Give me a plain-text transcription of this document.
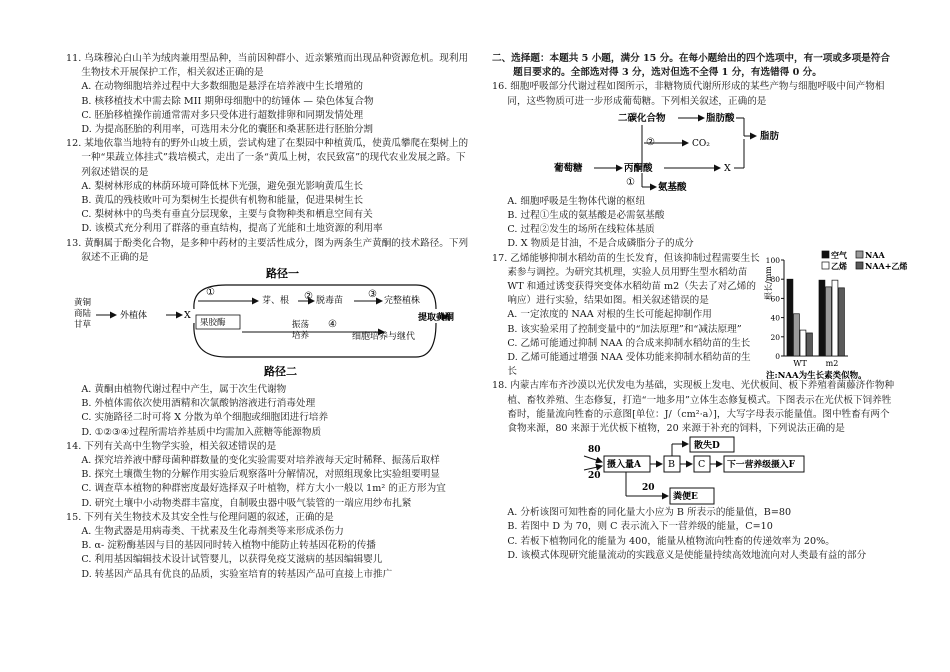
11. 乌珠穆沁白山羊为绒肉兼用型品种，当前因种群小、近亲繁殖而出现品种资源危机。现利用生物技术开展保护工作，相关叙述正确的是

A. 在动物细胞培养过程中大多数细胞是悬浮在培养液中生长增殖的

B. 核移植技术中需去除 MII 期卵母细胞中的纺锤体 — 染色体复合物

C. 胚胎移植操作前通常需对多只受体进行超数排卵和同期发情处理

D. 为提高胚胎的利用率，可选用未分化的囊胚和桑葚胚进行胚胎分割

12. 某地依靠当地特有的野外山坡土质，尝试构建了在梨园中种植黄瓜，使黄瓜攀爬在梨树上的一种“果蔬立体挂式”栽培模式，走出了一条“黄瓜上树，农民致富”的现代农业发展之路。下列叙述错误的是

A. 梨树林形成的林荫环境可降低林下光强，避免强光影响黄瓜生长

B. 黄瓜的残枝败叶可为梨树生长提供有机物和能量，促进果树生长

C. 梨树林中的鸟类有垂直分层现象，主要与食物种类和栖息空间有关

D. 该模式充分利用了群落的垂直结构，提高了光能和土地资源的利用率

13. 黄酮属于酚类化合物，是多种中药材的主要活性成分，图为两条生产黄酮的技术路径。下列叙述不正确的是

路径一
路径二
黄铜商陆甘草
外植体	X
①
芽、根 ② 脱毒苗
③
完整植株
果胶酶	振荡培养
④
细胞培养与继代
提取黄酮

A. 黄酮由植物代谢过程中产生，属于次生代谢物

B. 外植体需依次使用酒精和次氯酸钠溶液进行消毒处理

C. 实施路径二时可将 X 分散为单个细胞或细胞团进行培养

D. ①②③④过程所需培养基质中均需加入蔗糖等能源物质

14. 下列有关高中生物学实验，相关叙述错误的是

A. 探究培养液中酵母菌种群数量的变化实验需要对培养液每天定时稀释、振荡后取样

B. 探究土壤微生物的分解作用实验后观察落叶分解情况，对照组现象比实验组要明显

C. 调查草本植物的种群密度最好选择双子叶植物，样方大小一般以 1m² 的正方形为宜

D. 研究土壤中小动物类群丰富度，自制吸虫器中吸气装管的一端应用纱布扎紧

15. 下列有关生物技术及其安全性与伦理问题的叙述，正确的是

A. 生物武器是用病毒类、干扰素及生化毒剂类等来形成杀伤力

B. α- 淀粉酶基因与目的基因同时转入植物中能防止转基因花粉的传播

C. 利用基因编辑技术设计试管婴儿，以获得免疫艾滋病的基因编辑婴儿

D. 转基因产品具有优良的品质，实验室培育的转基因产品可直接上市推广

二、选择题：本题共 5 小题，满分 15 分。在每小题给出的四个选项中，有一项或多项是符合题目要求的。全部选对得 3 分，选对但选不全得 1 分，有选错得 0 分。

16. 细胞呼吸部分代谢过程如图所示，非糖物质代谢所形成的某些产物与细胞呼吸中间产物相同，这些物质可进一步形成葡萄糖。下列相关叙述，正确的是

二碳化合物	脂肪酸
脂肪
②	CO₂
葡萄糖	丙酮酸	X
① 氨基酸

A. 细胞呼吸是生物体代谢的枢纽

B. 过程①生成的氨基酸是必需氨基酸

C. 过程②发生的场所在线粒体基质

D. X 物质是甘油，不是合成磷脂分子的成分

17. 乙烯能够抑制水稻幼苗的生长发育，但该抑制过程需要生长素参与调控。为研究其机理，实验人员用野生型水稻幼苗 WT 和通过诱变获得突变体水稻幼苗 m2（失去了对乙烯的响应）进行实验，结果如图。相关叙述错误的是

A. 一定浓度的 NAA 对根的生长可能起抑制作用

B. 该实验采用了控制变量中的“加法原理”和“减法原理”

C. 乙烯可能通过抑制 NAA 的合成来抑制水稻幼苗的生长

D. 乙烯可能通过增强 NAA 受体功能来抑制水稻幼苗的生长

根长/mm
注:NAA为生长素类似物。
0
20
40
60
80
100
WT m2
空气 NAA
乙烯 NAA+乙烯

18. 内蒙古库布齐沙漠以光伏发电为基础，实现板上发电、光伏板间、板下养殖着菌藤济作物种植、畜牧养殖、生态修复，打造“一地多用”立体生态修复模式。下图表示在光伏板下饲养牲畜时，能量流向牲畜的示意图[单位：J/（cm²·a）]，大写字母表示能量值。图中牲畜有两个食物来源，80 来源于光伏板下植物，20 来源于补充的饲料，下列说法正确的是

80
20
摄入量A	B C 下一营养级摄入F
散失D
20
粪便E

A. 分析该图可知牲畜的同化量大小应为 B 所表示的能量值，B=80

B. 若图中 D 为 70，则 C 表示流入下一营养级的能量，C=10

C. 若板下植物同化的能量为 400，能量从植物流向牲畜的传递效率为 20%。

D. 该模式体现研究能量流动的实践意义是使能量持续高效地流向对人类最有益的部分
